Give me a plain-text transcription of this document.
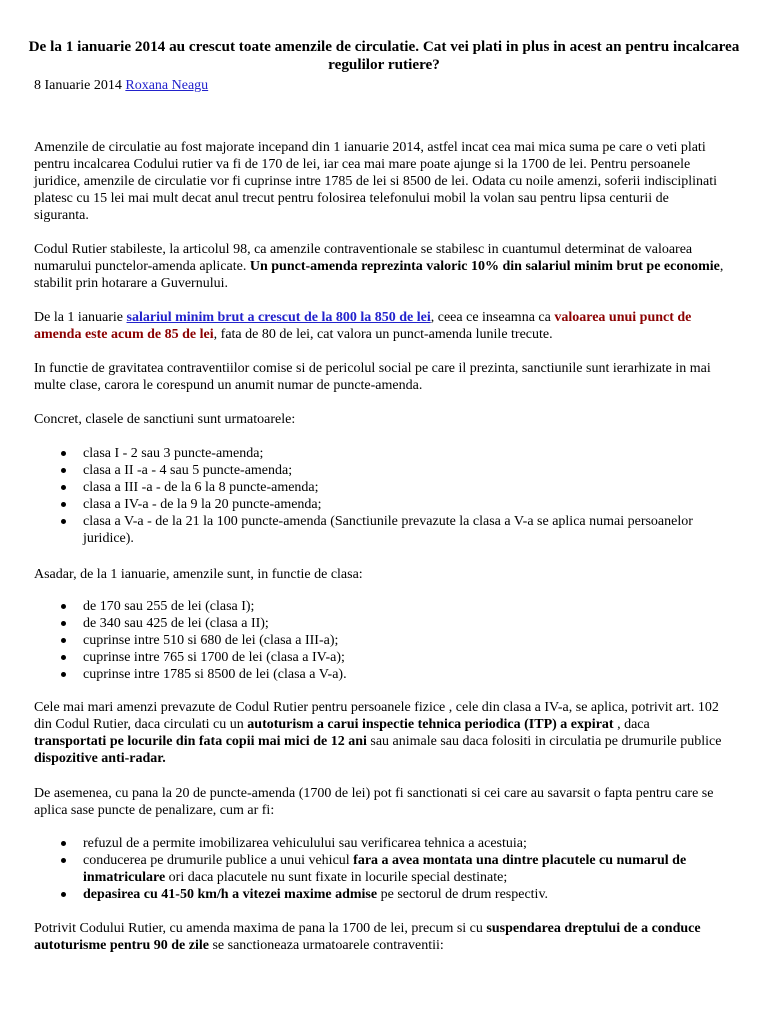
De la 1 ianuarie 2014 au crescut toate amenzile de circulatie. Cat vei plati in plus in acest an pentru incalcarea regulilor rutiere?
8 Ianuarie 2014 Roxana Neagu

Amenzile de circulatie au fost majorate incepand din 1 ianuarie 2014, astfel incat cea mai mica suma pe care o veti plati pentru incalcarea Codului rutier va fi de 170 de lei, iar cea mai mare poate ajunge si la 1700 de lei. Pentru persoanele juridice, amenzile de circulatie vor fi cuprinse intre 1785 de lei si 8500 de lei. Odata cu noile amenzi, soferii indisciplinati platesc cu 15 lei mai mult decat anul trecut pentru folosirea telefonului mobil la volan sau pentru lipsa centurii de siguranta.

Codul Rutier stabileste, la articolul 98, ca amenzile contraventionale se stabilesc in cuantumul determinat de valoarea numarului punctelor-amenda aplicate. Un punct-amenda reprezinta valoric 10% din salariul minim brut pe economie, stabilit prin hotarare a Guvernului.

De la 1 ianuarie salariul minim brut a crescut de la 800 la 850 de lei, ceea ce inseamna ca valoarea unui punct de amenda este acum de 85 de lei, fata de 80 de lei, cat valora un punct-amenda lunile trecute.

In functie de gravitatea contraventiilor comise si de pericolul social pe care il prezinta, sanctiunile sunt ierarhizate in mai multe clase, carora le corespund un anumit numar de puncte-amenda.

Concret, clasele de sanctiuni sunt urmatoarele:

clasa I - 2 sau 3 puncte-amenda;
clasa a II -a - 4 sau 5 puncte-amenda;
clasa a III -a - de la 6 la 8 puncte-amenda;
clasa a IV-a - de la 9 la 20 puncte-amenda;
clasa a V-a - de la 21 la 100 puncte-amenda (Sanctiunile prevazute la clasa a V-a se aplica numai persoanelor juridice).

Asadar, de la 1 ianuarie, amenzile sunt, in functie de clasa:

de 170 sau 255 de lei (clasa I);
de 340 sau 425 de lei (clasa a II);
cuprinse intre 510 si 680 de lei (clasa a III-a);
cuprinse intre 765 si 1700 de lei (clasa a IV-a);
cuprinse intre 1785 si 8500 de lei (clasa a V-a).

Cele mai mari amenzi prevazute de Codul Rutier pentru persoanele fizice , cele din clasa a IV-a, se aplica, potrivit art. 102 din Codul Rutier, daca circulati cu un autoturism a carui inspectie tehnica periodica (ITP) a expirat , daca transportati pe locurile din fata copii mai mici de 12 ani sau animale sau daca folositi in circulatia pe drumurile publice dispozitive anti-radar.

De asemenea, cu pana la 20 de puncte-amenda (1700 de lei) pot fi sanctionati si cei care au savarsit o fapta pentru care se aplica sase puncte de penalizare, cum ar fi:

refuzul de a permite imobilizarea vehiculului sau verificarea tehnica a acestuia;
conducerea pe drumurile publice a unui vehicul fara a avea montata una dintre placutele cu numarul de inmatriculare ori daca placutele nu sunt fixate in locurile special destinate;
depasirea cu 41-50 km/h a vitezei maxime admise pe sectorul de drum respectiv.

Potrivit Codului Rutier, cu amenda maxima de pana la 1700 de lei, precum si cu suspendarea dreptului de a conduce autoturisme pentru 90 de zile se sanctioneaza urmatoarele contraventii:
